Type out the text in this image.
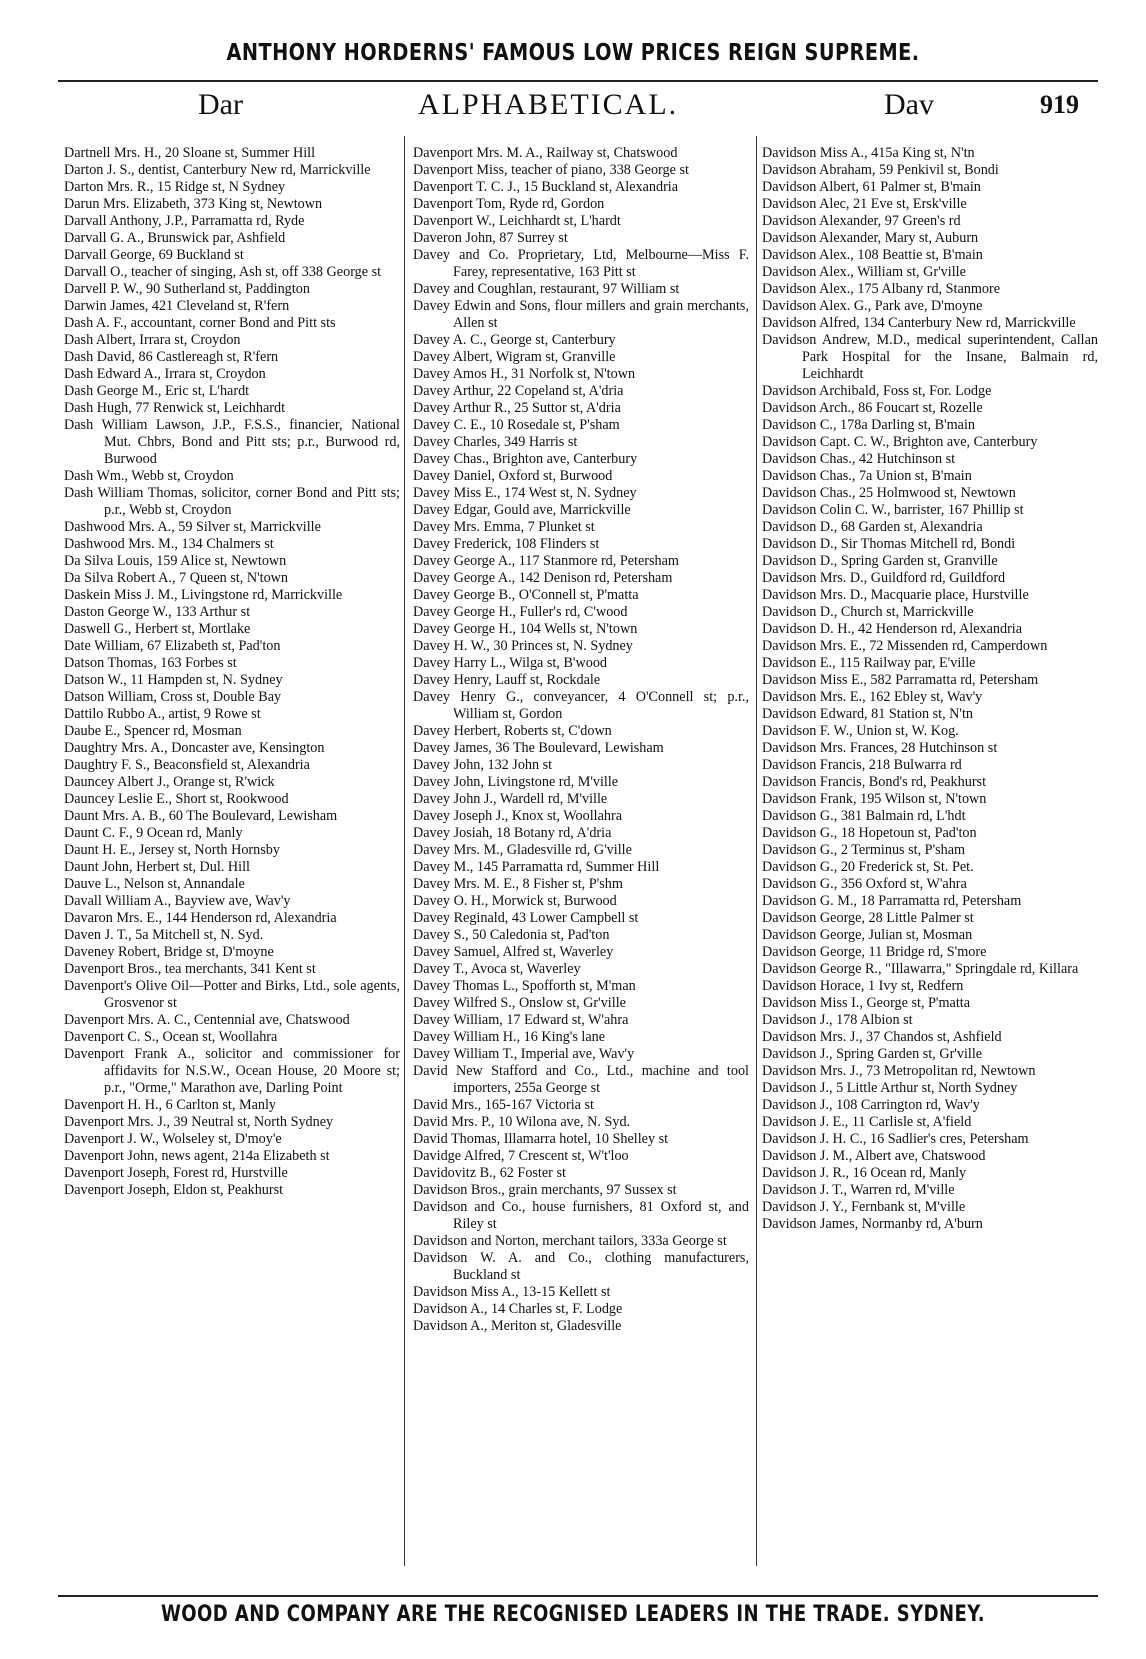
ANTHONY HORDERNS' FAMOUS LOW PRICES REIGN SUPREME.
Dar	ALPHABETICAL.	Dav	919

Dartnell Mrs. H., 20 Sloane st, Summer Hill

Darton J. S., dentist, Canterbury New rd, Marrickville

Darton Mrs. R., 15 Ridge st, N Sydney

Darun Mrs. Elizabeth, 373 King st, Newtown

Darvall Anthony, J.P., Parramatta rd, Ryde

Darvall G. A., Brunswick par, Ashfield

Darvall George, 69 Buckland st

Darvall O., teacher of singing, Ash st, off 338 George st

Darvell P. W., 90 Sutherland st, Paddington

Darwin James, 421 Cleveland st, R'fern

Dash A. F., accountant, corner Bond and Pitt sts

Dash Albert, Irrara st, Croydon

Dash David, 86 Castlereagh st, R'fern

Dash Edward A., Irrara st, Croydon

Dash George M., Eric st, L'hardt

Dash Hugh, 77 Renwick st, Leichhardt

Dash William Lawson, J.P., F.S.S., financier, National Mut. Chbrs, Bond and Pitt sts; p.r., Burwood rd, Burwood

Dash Wm., Webb st, Croydon

Dash William Thomas, solicitor, corner Bond and Pitt sts; p.r., Webb st, Croydon

Dashwood Mrs. A., 59 Silver st, Marrickville

Dashwood Mrs. M., 134 Chalmers st

Da Silva Louis, 159 Alice st, Newtown

Da Silva Robert A., 7 Queen st, N'town

Daskein Miss J. M., Livingstone rd, Marrickville

Daston George W., 133 Arthur st

Daswell G., Herbert st, Mortlake

Date William, 67 Elizabeth st, Pad'ton

Datson Thomas, 163 Forbes st

Datson W., 11 Hampden st, N. Sydney

Datson William, Cross st, Double Bay

Dattilo Rubbo A., artist, 9 Rowe st

Daube E., Spencer rd, Mosman

Daughtry Mrs. A., Doncaster ave, Kensington

Daughtry F. S., Beaconsfield st, Alexandria

Dauncey Albert J., Orange st, R'wick

Dauncey Leslie E., Short st, Rookwood

Daunt Mrs. A. B., 60 The Boulevard, Lewisham

Daunt C. F., 9 Ocean rd, Manly

Daunt H. E., Jersey st, North Hornsby

Daunt John, Herbert st, Dul. Hill

Dauve L., Nelson st, Annandale

Davall William A., Bayview ave, Wav'y

Davaron Mrs. E., 144 Henderson rd, Alexandria

Daven J. T., 5a Mitchell st, N. Syd.

Daveney Robert, Bridge st, D'moyne

Davenport Bros., tea merchants, 341 Kent st

Davenport's Olive Oil—Potter and Birks, Ltd., sole agents, Grosvenor st

Davenport Mrs. A. C., Centennial ave, Chatswood

Davenport C. S., Ocean st, Woollahra

Davenport Frank A., solicitor and commissioner for affidavits for N.S.W., Ocean House, 20 Moore st; p.r., "Orme," Marathon ave, Darling Point

Davenport H. H., 6 Carlton st, Manly

Davenport Mrs. J., 39 Neutral st, North Sydney

Davenport J. W., Wolseley st, D'moy'e

Davenport John, news agent, 214a Elizabeth st

Davenport Joseph, Forest rd, Hurstville

Davenport Joseph, Eldon st, Peakhurst

Davenport Mrs. M. A., Railway st, Chatswood

Davenport Miss, teacher of piano, 338 George st

Davenport T. C. J., 15 Buckland st, Alexandria

Davenport Tom, Ryde rd, Gordon

Davenport W., Leichhardt st, L'hardt

Daveron John, 87 Surrey st

Davey and Co. Proprietary, Ltd, Melbourne—Miss F. Farey, representative, 163 Pitt st

Davey and Coughlan, restaurant, 97 William st

Davey Edwin and Sons, flour millers and grain merchants, Allen st

Davey A. C., George st, Canterbury

Davey Albert, Wigram st, Granville

Davey Amos H., 31 Norfolk st, N'town

Davey Arthur, 22 Copeland st, A'dria

Davey Arthur R., 25 Suttor st, A'dria

Davey C. E., 10 Rosedale st, P'sham

Davey Charles, 349 Harris st

Davey Chas., Brighton ave, Canterbury

Davey Daniel, Oxford st, Burwood

Davey Miss E., 174 West st, N. Sydney

Davey Edgar, Gould ave, Marrickville

Davey Mrs. Emma, 7 Plunket st

Davey Frederick, 108 Flinders st

Davey George A., 117 Stanmore rd, Petersham

Davey George A., 142 Denison rd, Petersham

Davey George B., O'Connell st, P'matta

Davey George H., Fuller's rd, C'wood

Davey George H., 104 Wells st, N'town

Davey H. W., 30 Princes st, N. Sydney

Davey Harry L., Wilga st, B'wood

Davey Henry, Lauff st, Rockdale

Davey Henry G., conveyancer, 4 O'Connell st; p.r., William st, Gordon

Davey Herbert, Roberts st, C'down

Davey James, 36 The Boulevard, Lewisham

Davey John, 132 John st

Davey John, Livingstone rd, M'ville

Davey John J., Wardell rd, M'ville

Davey Joseph J., Knox st, Woollahra

Davey Josiah, 18 Botany rd, A'dria

Davey Mrs. M., Gladesville rd, G'ville

Davey M., 145 Parramatta rd, Summer Hill

Davey Mrs. M. E., 8 Fisher st, P'shm

Davey O. H., Morwick st, Burwood

Davey Reginald, 43 Lower Campbell st

Davey S., 50 Caledonia st, Pad'ton

Davey Samuel, Alfred st, Waverley

Davey T., Avoca st, Waverley

Davey Thomas L., Spofforth st, M'man

Davey Wilfred S., Onslow st, Gr'ville

Davey William, 17 Edward st, W'ahra

Davey William H., 16 King's lane

Davey William T., Imperial ave, Wav'y

David New Stafford and Co., Ltd., machine and tool importers, 255a George st

David Mrs., 165-167 Victoria st

David Mrs. P., 10 Wilona ave, N. Syd.

David Thomas, Illamarra hotel, 10 Shelley st

Davidge Alfred, 7 Crescent st, W't'loo

Davidovitz B., 62 Foster st

Davidson Bros., grain merchants, 97 Sussex st

Davidson and Co., house furnishers, 81 Oxford st, and Riley st

Davidson and Norton, merchant tailors, 333a George st

Davidson W. A. and Co., clothing manufacturers, Buckland st

Davidson Miss A., 13-15 Kellett st

Davidson A., 14 Charles st, F. Lodge

Davidson A., Meriton st, Gladesville

Davidson Miss A., 415a King st, N'tn

Davidson Abraham, 59 Penkivil st, Bondi

Davidson Albert, 61 Palmer st, B'main

Davidson Alec, 21 Eve st, Ersk'ville

Davidson Alexander, 97 Green's rd

Davidson Alexander, Mary st, Auburn

Davidson Alex., 108 Beattie st, B'main

Davidson Alex., William st, Gr'ville

Davidson Alex., 175 Albany rd, Stanmore

Davidson Alex. G., Park ave, D'moyne

Davidson Alfred, 134 Canterbury New rd, Marrickville

Davidson Andrew, M.D., medical superintendent, Callan Park Hospital for the Insane, Balmain rd, Leichhardt

Davidson Archibald, Foss st, For. Lodge

Davidson Arch., 86 Foucart st, Rozelle

Davidson C., 178a Darling st, B'main

Davidson Capt. C. W., Brighton ave, Canterbury

Davidson Chas., 42 Hutchinson st

Davidson Chas., 7a Union st, B'main

Davidson Chas., 25 Holmwood st, Newtown

Davidson Colin C. W., barrister, 167 Phillip st

Davidson D., 68 Garden st, Alexandria

Davidson D., Sir Thomas Mitchell rd, Bondi

Davidson D., Spring Garden st, Granville

Davidson Mrs. D., Guildford rd, Guildford

Davidson Mrs. D., Macquarie place, Hurstville

Davidson D., Church st, Marrickville

Davidson D. H., 42 Henderson rd, Alexandria

Davidson Mrs. E., 72 Missenden rd, Camperdown

Davidson E., 115 Railway par, E'ville

Davidson Miss E., 582 Parramatta rd, Petersham

Davidson Mrs. E., 162 Ebley st, Wav'y

Davidson Edward, 81 Station st, N'tn

Davidson F. W., Union st, W. Kog.

Davidson Mrs. Frances, 28 Hutchinson st

Davidson Francis, 218 Bulwarra rd

Davidson Francis, Bond's rd, Peakhurst

Davidson Frank, 195 Wilson st, N'town

Davidson G., 381 Balmain rd, L'hdt

Davidson G., 18 Hopetoun st, Pad'ton

Davidson G., 2 Terminus st, P'sham

Davidson G., 20 Frederick st, St. Pet.

Davidson G., 356 Oxford st, W'ahra

Davidson G. M., 18 Parramatta rd, Petersham

Davidson George, 28 Little Palmer st

Davidson George, Julian st, Mosman

Davidson George, 11 Bridge rd, S'more

Davidson George R., "Illawarra," Springdale rd, Killara

Davidson Horace, 1 Ivy st, Redfern

Davidson Miss I., George st, P'matta

Davidson J., 178 Albion st

Davidson Mrs. J., 37 Chandos st, Ashfield

Davidson J., Spring Garden st, Gr'ville

Davidson Mrs. J., 73 Metropolitan rd, Newtown

Davidson J., 5 Little Arthur st, North Sydney

Davidson J., 108 Carrington rd, Wav'y

Davidson J. E., 11 Carlisle st, A'field

Davidson J. H. C., 16 Sadlier's cres, Petersham

Davidson J. M., Albert ave, Chatswood

Davidson J. R., 16 Ocean rd, Manly

Davidson J. T., Warren rd, M'ville

Davidson J. Y., Fernbank st, M'ville

Davidson James, Normanby rd, A'burn

WOOD AND COMPANY ARE THE RECOGNISED LEADERS IN THE TRADE. SYDNEY.
